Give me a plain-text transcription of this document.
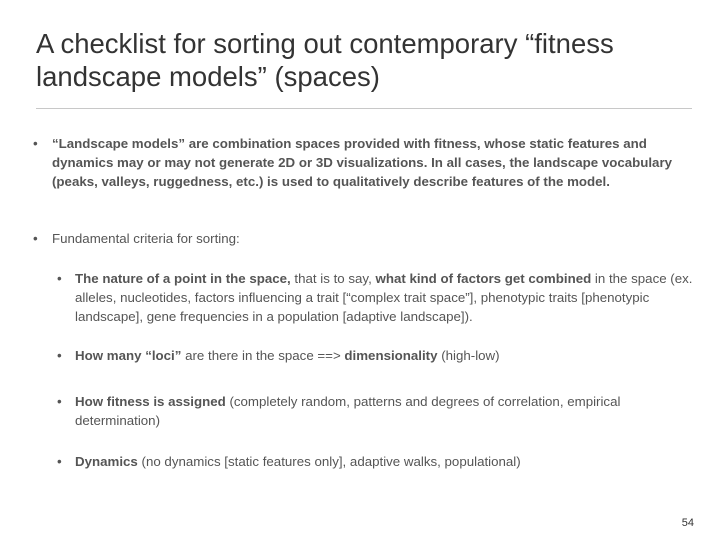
A checklist for sorting out contemporary “fitness landscape models” (spaces)
• “Landscape models” are combination spaces provided with fitness, whose static features and dynamics may or may not generate 2D or 3D visualizations. In all cases, the landscape vocabulary (peaks, valleys, ruggedness, etc.) is used to qualitatively describe features of the model.
• Fundamental criteria for sorting:
• The nature of a point in the space, that is to say, what kind of factors get combined in the space (ex. alleles, nucleotides, factors influencing a trait [“complex trait space”], phenotypic traits [phenotypic landscape], gene frequencies in a population [adaptive landscape]).
• How many “loci” are there in the space ==> dimensionality (high-low)
• How fitness is assigned (completely random, patterns and degrees of correlation, empirical determination)
• Dynamics (no dynamics [static features only], adaptive walks, populational)
54
